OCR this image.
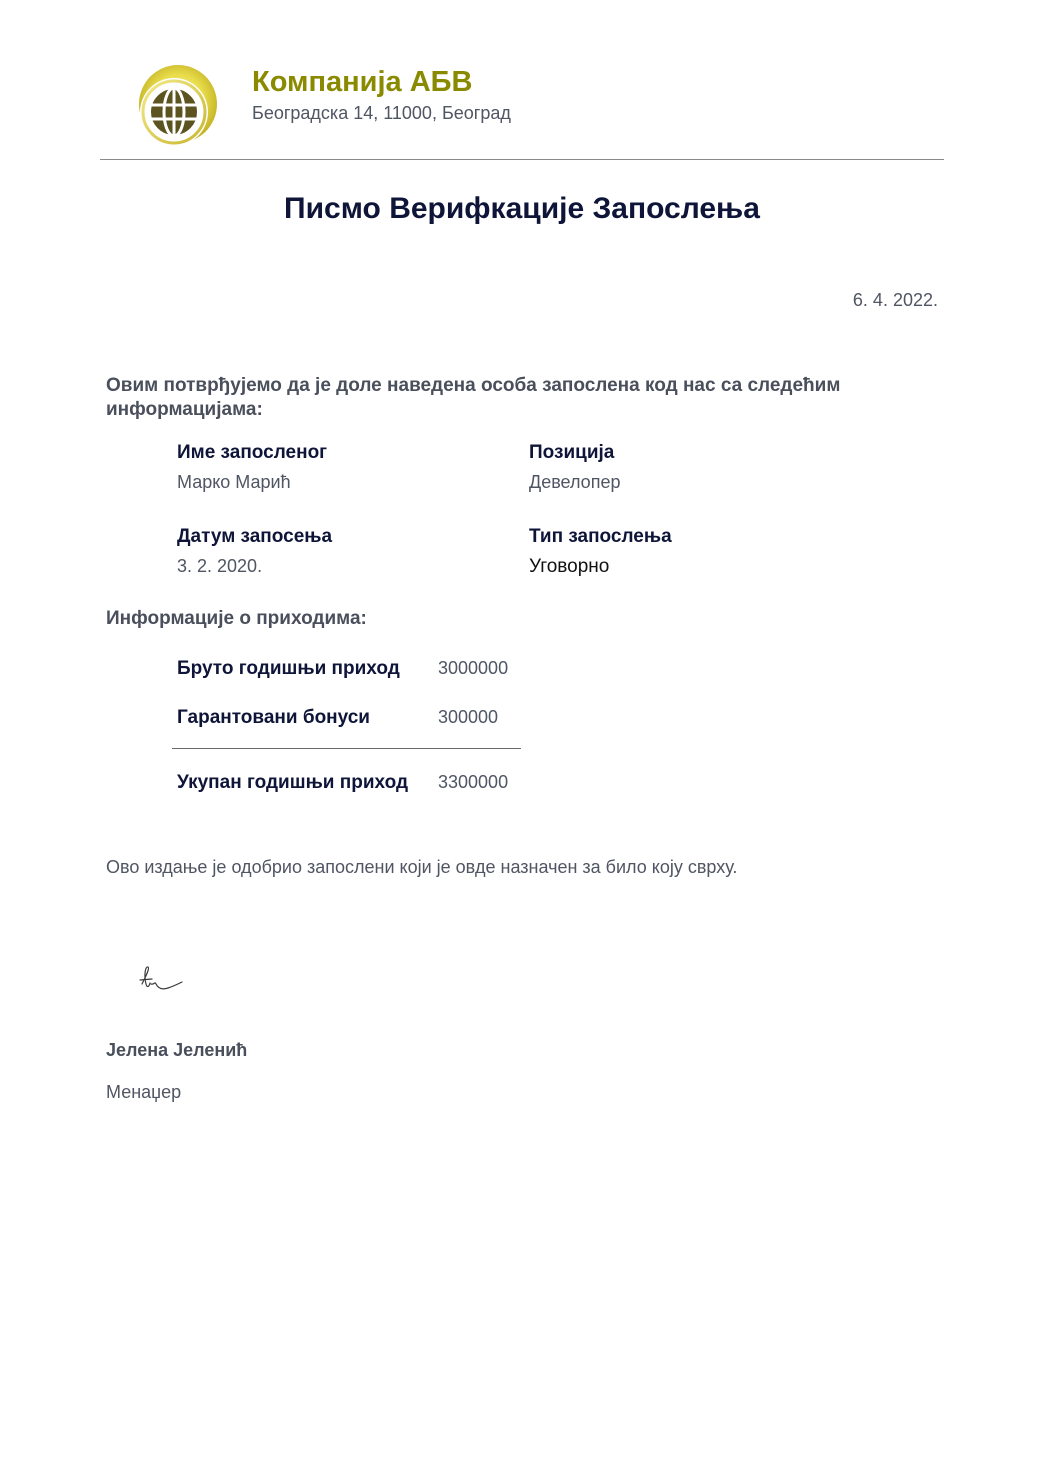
Компанија АБВ
Београдска 14, 11000, Београд
Писмо Верифкације Запослења
6. 4. 2022.
Овим потврђујемо да је доле наведена особа запослена код нас са следећим информацијама:
Име запосленог
Марко Марић
Позиција
Девелопер
Датум запосења
3. 2. 2020.
Тип запослења
Уговорно
Информације о приходима:
Бруто годишњи приход 3000000
Гарантовани бонуси	300000
Укупан годишњи приход 3300000
Ово издање је одобрио запослени који је овде назначен за било коју сврху.
Јелена Јеленић
Менаџер
